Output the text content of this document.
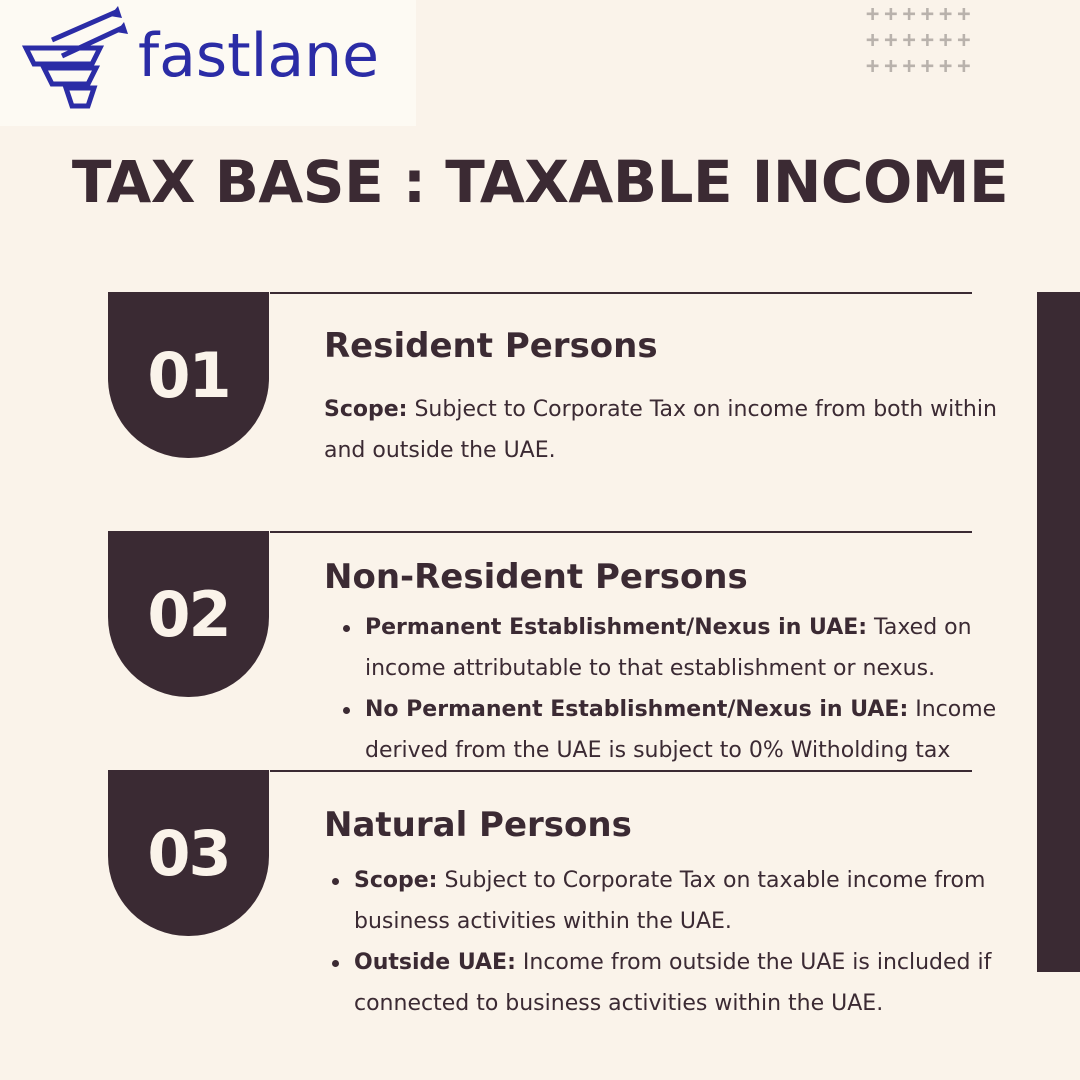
fastlane
++++++
++++++
++++++
TAX BASE : TAXABLE INCOME
01	Resident Persons
Scope: Subject to Corporate Tax on income from both within and outside the UAE.
02
Non-Resident Persons
Permanent Establishment/Nexus in UAE: Taxed on income attributable to that establishment or nexus.
No Permanent Establishment/Nexus in UAE: Income derived from the UAE is subject to 0% Witholding tax
03	Natural Persons
Scope: Subject to Corporate Tax on taxable income from business activities within the UAE.
Outside UAE: Income from outside the UAE is included if connected to business activities within the UAE.
